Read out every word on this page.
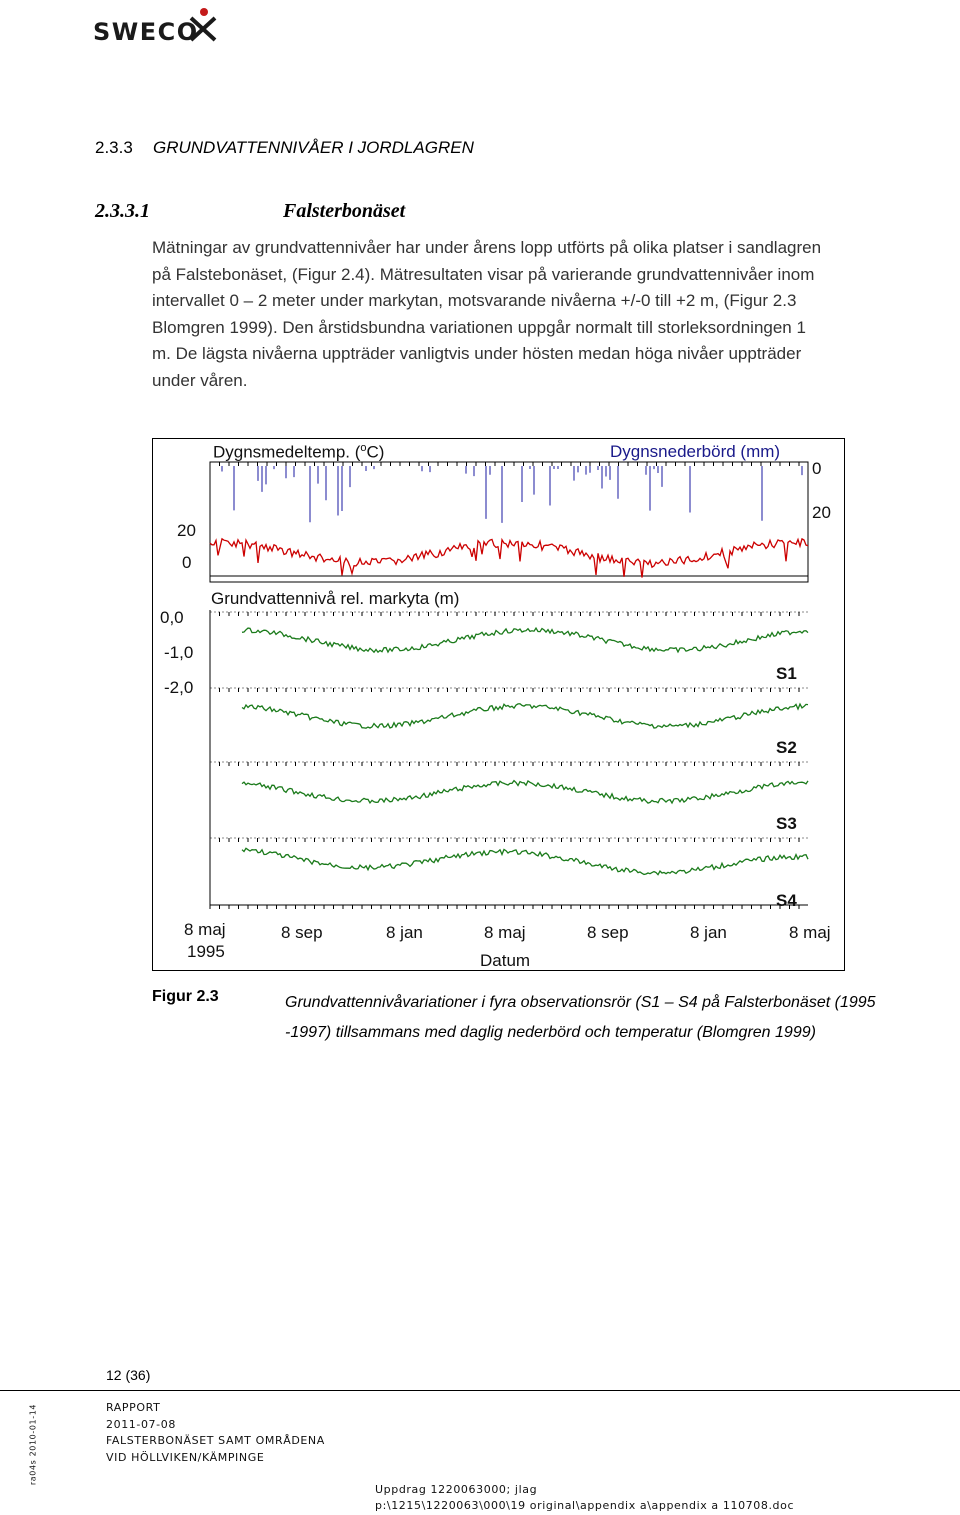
SWECO
2.3.3 GRUNDVATTENNIVÅER I JORDLAGREN
2.3.3.1	Falsterbonäset
Mätningar av grundvattennivåer har under årens lopp utförts på olika platser i sandlagren
på Falstebonäset, (Figur 2.4). Mätresultaten visar på varierande grundvattennivåer inom
intervallet 0 – 2 meter under markytan, motsvarande nivåerna +/-0 till +2 m, (Figur 2.3
Blomgren 1999). Den årstidsbundna variationen uppgår normalt till storleksordningen 1
m. De lägsta nivåerna uppträder vanligtvis under hösten medan höga nivåer uppträder
under våren.
Dygnsmedeltemp. ($^o$C)	Dygnsnederbörd (mm)
0
20
20
0
Grundvattennivå rel. markyta (m)
0,0
-1,0
-2,0
S1
S2
S3
S4
8 maj
1995
8 sep	8 jan	8 maj	8 sep	8 jan	8 maj
Datum
Figur 2.3	Grundvattennivåvariationer i fyra observationsrör (S1 – S4 på Falsterbonäset (1995
-1997) tillsammans med daglig nederbörd och temperatur (Blomgren 1999)
12 (36)
ra04s 2010-01-14	RAPPORT
2011-07-08
FALSTERBONÄSET SAMT OMRÅDENA
VID HÖLLVIKEN/KÄMPINGE
Uppdrag 1220063000; jlag
p:\1215\1220063\000\19 original\appendix a\appendix a 110708.doc
